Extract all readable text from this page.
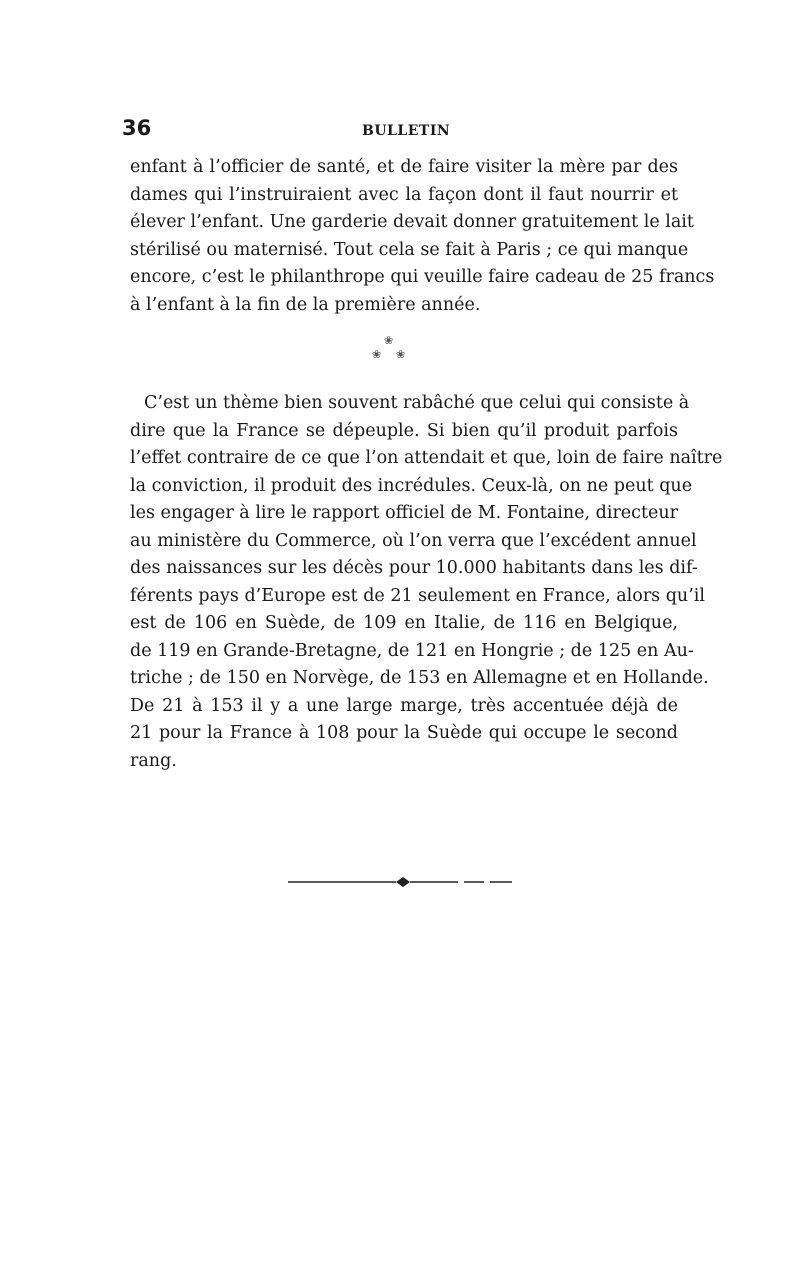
36	BULLETIN
enfant à l’officier de santé, et de faire visiter la mère par des
dames qui l’instruiraient avec la façon dont il faut nourrir et
élever l’enfant. Une garderie devait donner gratuitement le lait
stérilisé ou maternisé. Tout cela se fait à Paris ; ce qui manque
encore, c’est le philanthrope qui veuille faire cadeau de 25 francs
à l’enfant à la fin de la première année.
❀
❀ ❀
C’est un thème bien souvent rabâché que celui qui consiste à
dire que la France se dépeuple. Si bien qu’il produit parfois
l’effet contraire de ce que l’on attendait et que, loin de faire naître
la conviction, il produit des incrédules. Ceux-là, on ne peut que
les engager à lire le rapport officiel de M. Fontaine, directeur
au ministère du Commerce, où l’on verra que l’excédent annuel
des naissances sur les décès pour 10.000 habitants dans les dif-
férents pays d’Europe est de 21 seulement en France, alors qu’il
est de 106 en Suède, de 109 en Italie, de 116 en Belgique,
de 119 en Grande-Bretagne, de 121 en Hongrie ; de 125 en Au-
triche ; de 150 en Norvège, de 153 en Allemagne et en Hollande.
De 21 à 153 il y a une large marge, très accentuée déjà de
21 pour la France à 108 pour la Suède qui occupe le second
rang.
